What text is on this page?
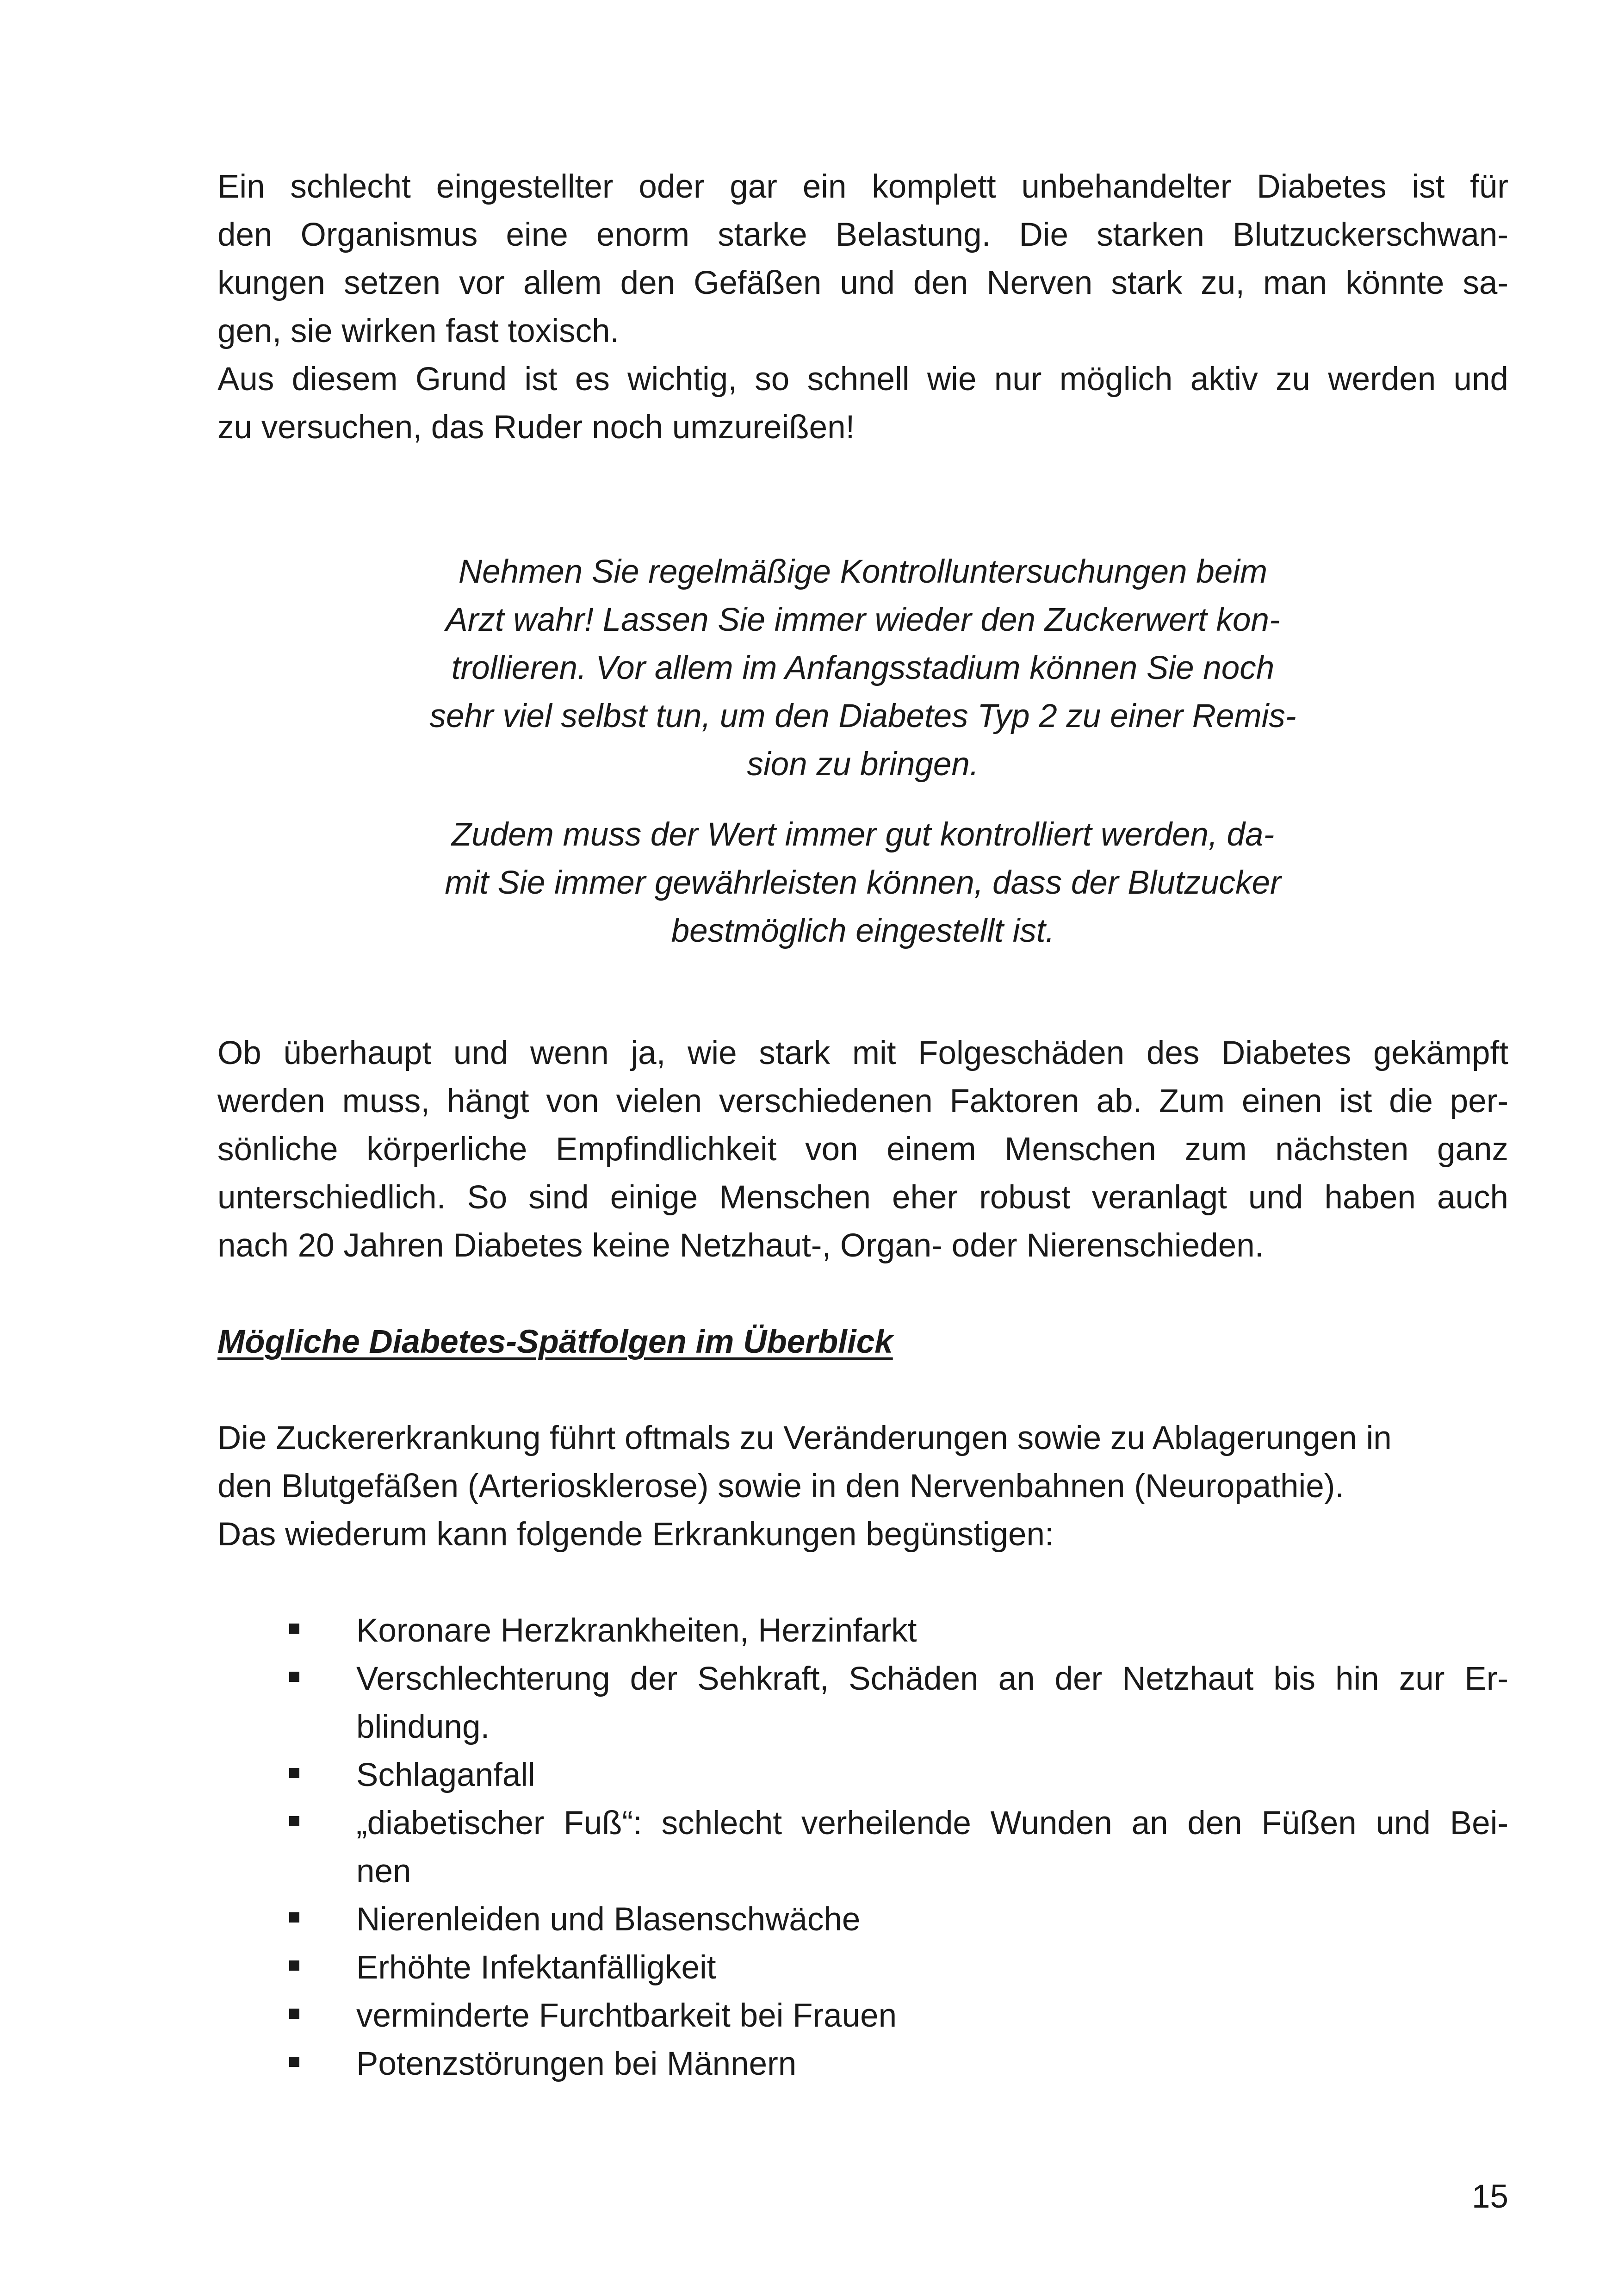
Ein schlecht eingestellter oder gar ein komplett unbehandelter Diabetes ist für
den Organismus eine enorm starke Belastung. Die starken Blutzuckerschwan-
kungen setzen vor allem den Gefäßen und den Nerven stark zu, man könnte sa-
gen, sie wirken fast toxisch.
Aus diesem Grund ist es wichtig, so schnell wie nur möglich aktiv zu werden und
zu versuchen, das Ruder noch umzureißen!
Nehmen Sie regelmäßige Kontrolluntersuchungen beim
Arzt wahr! Lassen Sie immer wieder den Zuckerwert kon-
trollieren. Vor allem im Anfangsstadium können Sie noch
sehr viel selbst tun, um den Diabetes Typ 2 zu einer Remis-
sion zu bringen.
Zudem muss der Wert immer gut kontrolliert werden, da-
mit Sie immer gewährleisten können, dass der Blutzucker
bestmöglich eingestellt ist.
Ob überhaupt und wenn ja, wie stark mit Folgeschäden des Diabetes gekämpft
werden muss, hängt von vielen verschiedenen Faktoren ab. Zum einen ist die per-
sönliche körperliche Empfindlichkeit von einem Menschen zum nächsten ganz
unterschiedlich. So sind einige Menschen eher robust veranlagt und haben auch
nach 20 Jahren Diabetes keine Netzhaut-, Organ- oder Nierenschieden.
Mögliche Diabetes-Spätfolgen im Überblick
Die Zuckererkrankung führt oftmals zu Veränderungen sowie zu Ablagerungen in
den Blutgefäßen (Arteriosklerose) sowie in den Nervenbahnen (Neuropathie).
Das wiederum kann folgende Erkrankungen begünstigen:
Koronare Herzkrankheiten, Herzinfarkt
Verschlechterung der Sehkraft, Schäden an der Netzhaut bis hin zur Er-
blindung.
Schlaganfall
„diabetischer Fuß“: schlecht verheilende Wunden an den Füßen und Bei-
nen
Nierenleiden und Blasenschwäche
Erhöhte Infektanfälligkeit
verminderte Furchtbarkeit bei Frauen
Potenzstörungen bei Männern
15
